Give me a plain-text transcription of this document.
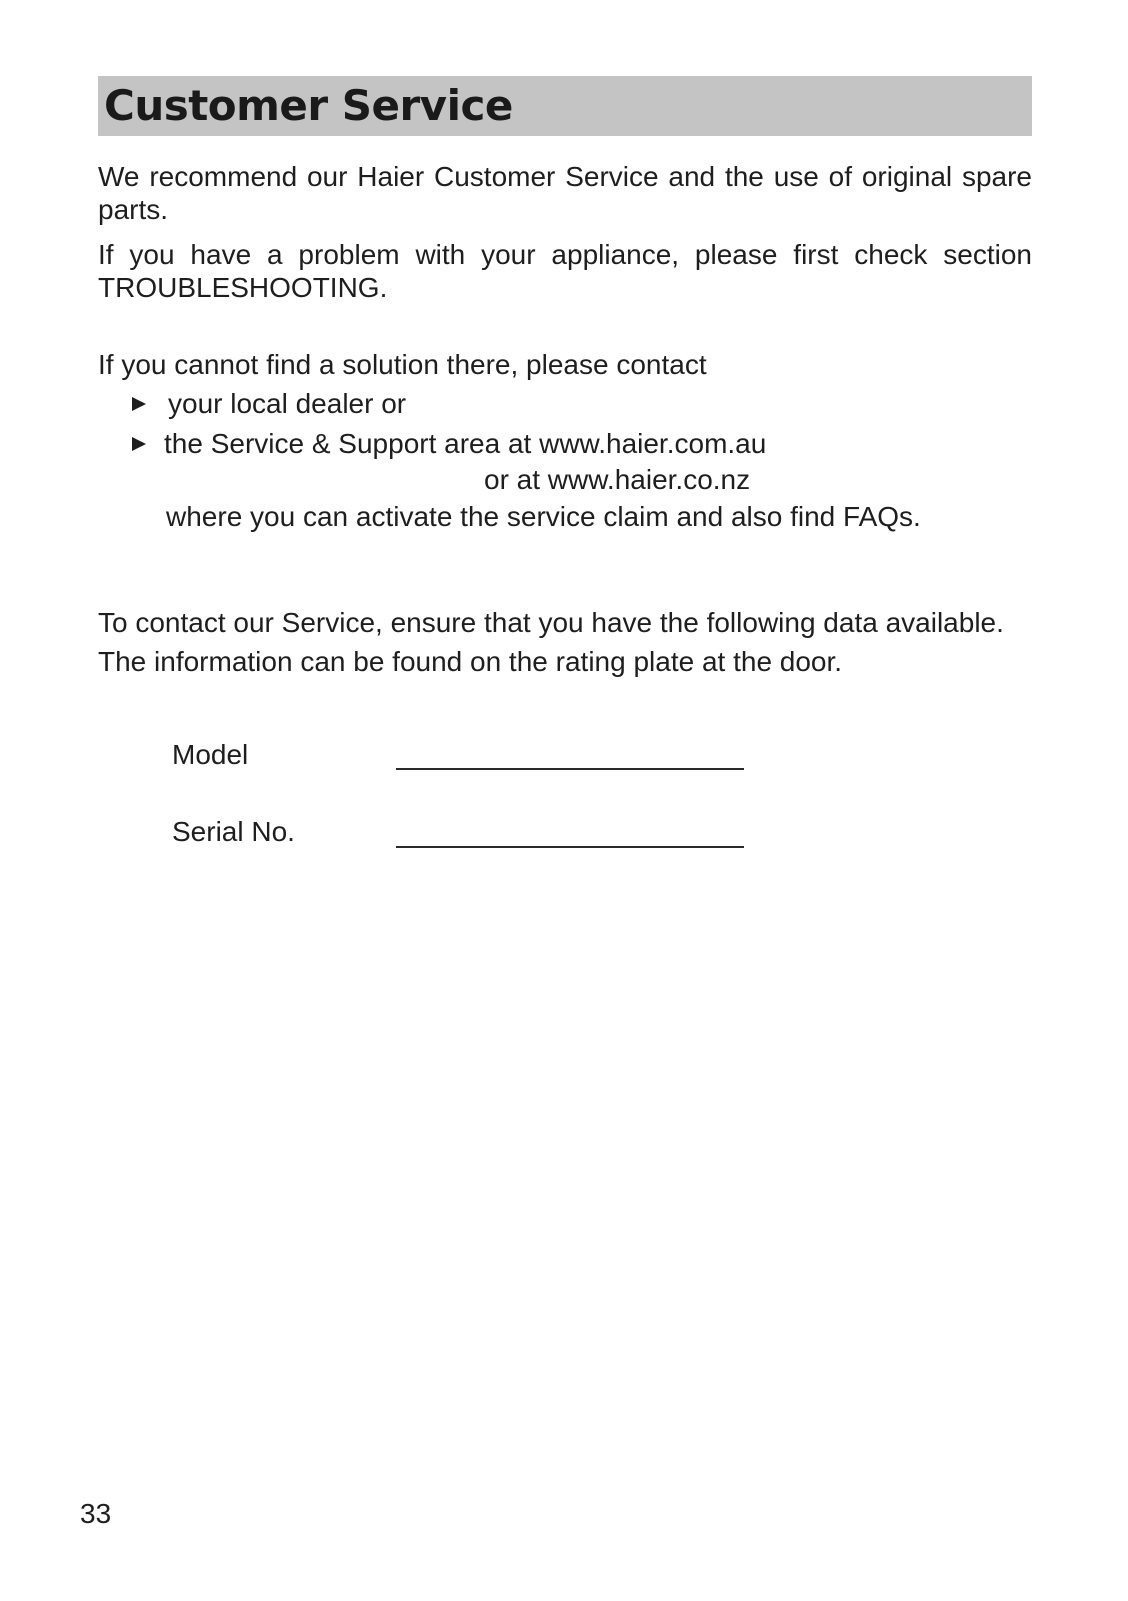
Customer Service

We recommend our Haier Customer Service and the use of original spare parts.

If you have a problem with your appliance, please first check section TROUBLESHOOTING.

If you cannot find a solution there, please contact

your local dealer or
the Service & Support area at www.haier.com.au
or at www.haier.co.nz
where you can activate the service claim and also find FAQs.
To contact our Service, ensure that you have the following data available.
The information can be found on the rating plate at the door.
Model
Serial No.
33
